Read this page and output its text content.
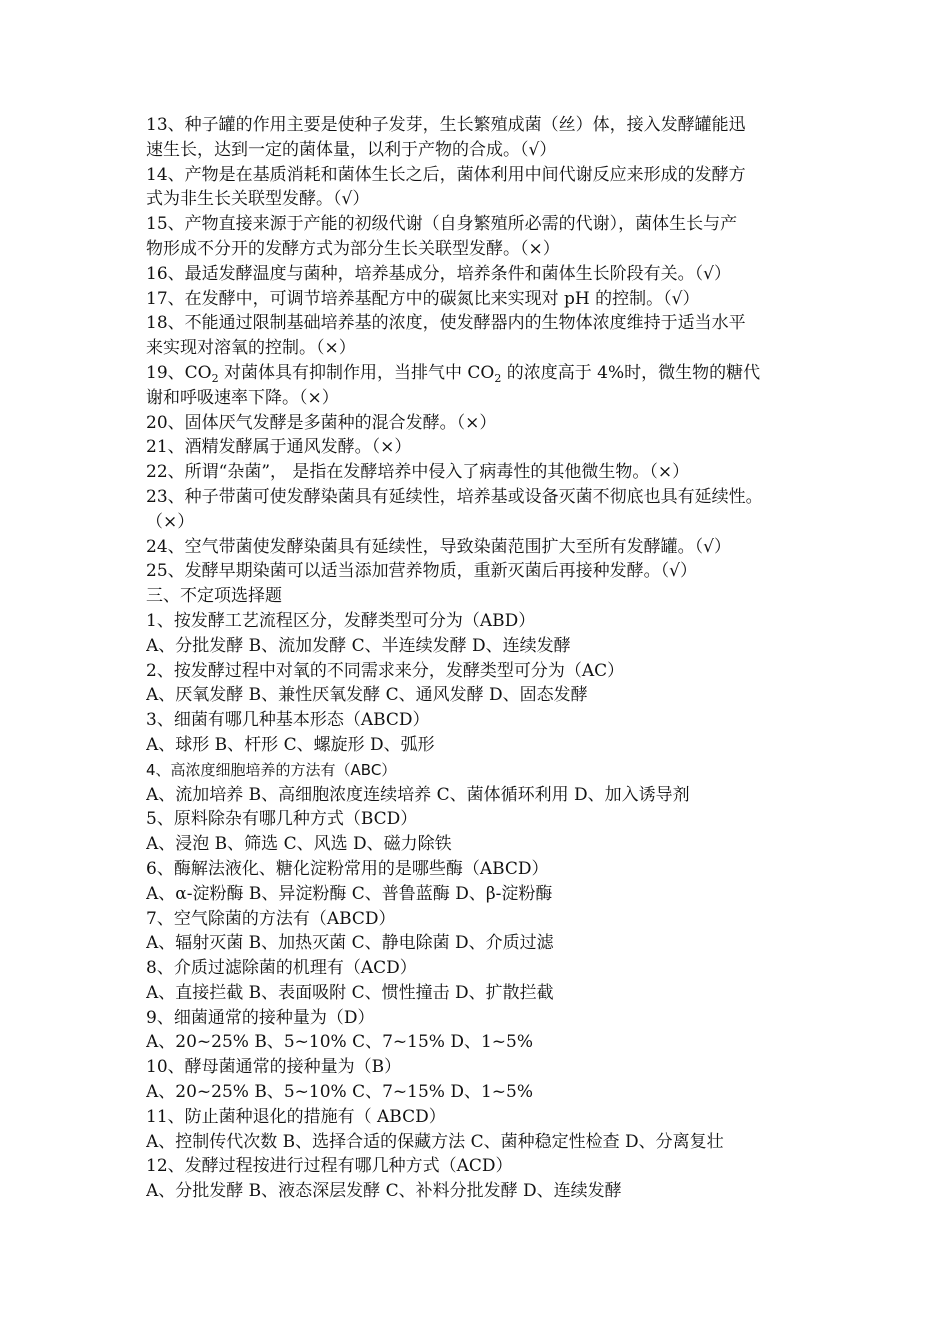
13、种子罐的作用主要是使种子发芽，生长繁殖成菌（丝）体，接入发酵罐能迅
速生长，达到一定的菌体量，以利于产物的合成。（√）
14、产物是在基质消耗和菌体生长之后，菌体利用中间代谢反应来形成的发酵方
式为非生长关联型发酵。（√）
15、产物直接来源于产能的初级代谢（自身繁殖所必需的代谢），菌体生长与产
物形成不分开的发酵方式为部分生长关联型发酵。（×）
16、最适发酵温度与菌种，培养基成分，培养条件和菌体生长阶段有关。（√）
17、在发酵中，可调节培养基配方中的碳氮比来实现对 pH 的控制。（√）
18、不能通过限制基础培养基的浓度，使发酵器内的生物体浓度维持于适当水平
来实现对溶氧的控制。（×）
19、$CO_2$ 对菌体具有抑制作用，当排气中 $CO_2$ 的浓度高于 4%时，微生物的糖代
谢和呼吸速率下降。（×）
20、固体厌气发酵是多菌种的混合发酵。（×）
21、酒精发酵属于通风发酵。（×）
22、所谓“杂菌”， 是指在发酵培养中侵入了病毒性的其他微生物。（×）
23、种子带菌可使发酵染菌具有延续性，培养基或设备灭菌不彻底也具有延续性。
（×）
24、空气带菌使发酵染菌具有延续性，导致染菌范围扩大至所有发酵罐。（√）
25、发酵早期染菌可以适当添加营养物质，重新灭菌后再接种发酵。（√）
三、不定项选择题
1、按发酵工艺流程区分，发酵类型可分为（ABD）
A、分批发酵 B、流加发酵 C、半连续发酵 D、连续发酵
2、按发酵过程中对氧的不同需求来分，发酵类型可分为（AC）
A、厌氧发酵 B、兼性厌氧发酵 C、通风发酵 D、固态发酵
3、细菌有哪几种基本形态（ABCD）
A、球形 B、杆形 C、螺旋形 D、弧形
4、高浓度细胞培养的方法有（ABC）
A、流加培养 B、高细胞浓度连续培养 C、菌体循环利用 D、加入诱导剂
5、原料除杂有哪几种方式（BCD）
A、浸泡 B、筛选 C、风选 D、磁力除铁
6、酶解法液化、糖化淀粉常用的是哪些酶（ABCD）
A、α-淀粉酶 B、异淀粉酶 C、普鲁蓝酶 D、β-淀粉酶
7、空气除菌的方法有（ABCD）
A、辐射灭菌 B、加热灭菌 C、静电除菌 D、介质过滤
8、介质过滤除菌的机理有（ACD）
A、直接拦截 B、表面吸附 C、惯性撞击 D、扩散拦截
9、细菌通常的接种量为（D）
A、20~25% B、5~10% C、7~15% D、1~5%
10、酵母菌通常的接种量为（B）
A、20~25% B、5~10% C、7~15% D、1~5%
11、防止菌种退化的措施有（ ABCD）
A、控制传代次数 B、选择合适的保藏方法 C、菌种稳定性检查 D、分离复壮
12、发酵过程按进行过程有哪几种方式（ACD）
A、分批发酵 B、液态深层发酵 C、补料分批发酵 D、连续发酵
